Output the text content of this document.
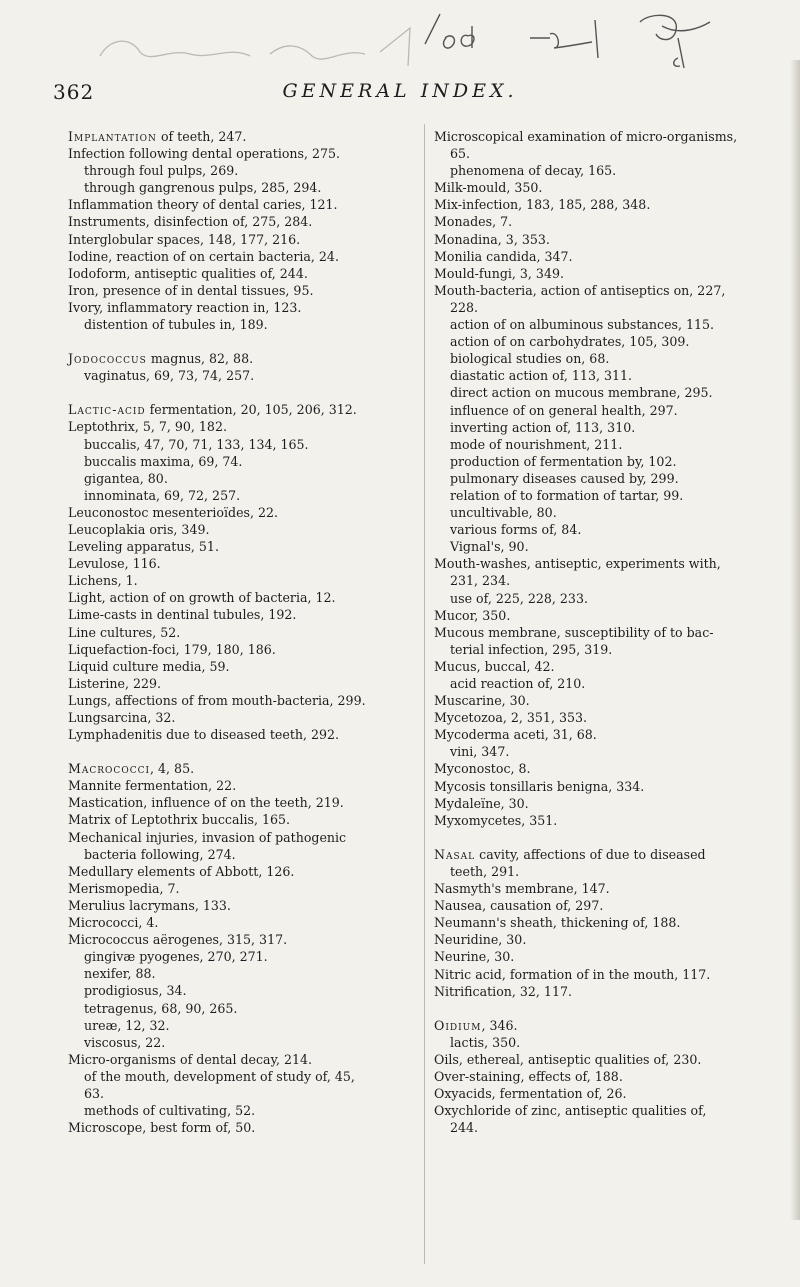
362	GENERAL INDEX.

Implantation of teeth, 247.

Infection following dental operations, 275.

through foul pulps, 269.

through gangrenous pulps, 285, 294.

Inflammation theory of dental caries, 121.

Instruments, disinfection of, 275, 284.

Interglobular spaces, 148, 177, 216.

Iodine, reaction of on certain bacteria, 24.

Iodoform, antiseptic qualities of, 244.

Iron, presence of in dental tissues, 95.

Ivory, inflammatory reaction in, 123.

distention of tubules in, 189.

Jodococcus magnus, 82, 88.

vaginatus, 69, 73, 74, 257.

Lactic-acid fermentation, 20, 105, 206, 312.

Leptothrix, 5, 7, 90, 182.

buccalis, 47, 70, 71, 133, 134, 165.

buccalis maxima, 69, 74.

gigantea, 80.

innominata, 69, 72, 257.

Leuconostoc mesenterioïdes, 22.

Leucoplakia oris, 349.

Leveling apparatus, 51.

Levulose, 116.

Lichens, 1.

Light, action of on growth of bacteria, 12.

Lime-casts in dentinal tubules, 192.

Line cultures, 52.

Liquefaction-foci, 179, 180, 186.

Liquid culture media, 59.

Listerine, 229.

Lungs, affections of from mouth-bacteria, 299.

Lungsarcina, 32.

Lymphadenitis due to diseased teeth, 292.

Macrococci, 4, 85.

Mannite fermentation, 22.

Mastication, influence of on the teeth, 219.

Matrix of Leptothrix buccalis, 165.

Mechanical injuries, invasion of pathogenic

bacteria following, 274.

Medullary elements of Abbott, 126.

Merismopedia, 7.

Merulius lacrymans, 133.

Micrococci, 4.

Micrococcus aërogenes, 315, 317.

gingivæ pyogenes, 270, 271.

nexifer, 88.

prodigiosus, 34.

tetragenus, 68, 90, 265.

ureæ, 12, 32.

viscosus, 22.

Micro-organisms of dental decay, 214.

of the mouth, development of study of, 45,

63.

methods of cultivating, 52.

Microscope, best form of, 50.

Microscopical examination of micro-organisms,

65.

phenomena of decay, 165.

Milk-mould, 350.

Mix-infection, 183, 185, 288, 348.

Monades, 7.

Monadina, 3, 353.

Monilia candida, 347.

Mould-fungi, 3, 349.

Mouth-bacteria, action of antiseptics on, 227,

228.

action of on albuminous substances, 115.

action of on carbohydrates, 105, 309.

biological studies on, 68.

diastatic action of, 113, 311.

direct action on mucous membrane, 295.

influence of on general health, 297.

inverting action of, 113, 310.

mode of nourishment, 211.

production of fermentation by, 102.

pulmonary diseases caused by, 299.

relation of to formation of tartar, 99.

uncultivable, 80.

various forms of, 84.

Vignal's, 90.

Mouth-washes, antiseptic, experiments with,

231, 234.

use of, 225, 228, 233.

Mucor, 350.

Mucous membrane, susceptibility of to bac-

terial infection, 295, 319.

Mucus, buccal, 42.

acid reaction of, 210.

Muscarine, 30.

Mycetozoa, 2, 351, 353.

Mycoderma aceti, 31, 68.

vini, 347.

Myconostoc, 8.

Mycosis tonsillaris benigna, 334.

Mydaleïne, 30.

Myxomycetes, 351.

Nasal cavity, affections of due to diseased

teeth, 291.

Nasmyth's membrane, 147.

Nausea, causation of, 297.

Neumann's sheath, thickening of, 188.

Neuridine, 30.

Neurine, 30.

Nitric acid, formation of in the mouth, 117.

Nitrification, 32, 117.

Oidium, 346.

lactis, 350.

Oils, ethereal, antiseptic qualities of, 230.

Over-staining, effects of, 188.

Oxyacids, fermentation of, 26.

Oxychloride of zinc, antiseptic qualities of,

244.
